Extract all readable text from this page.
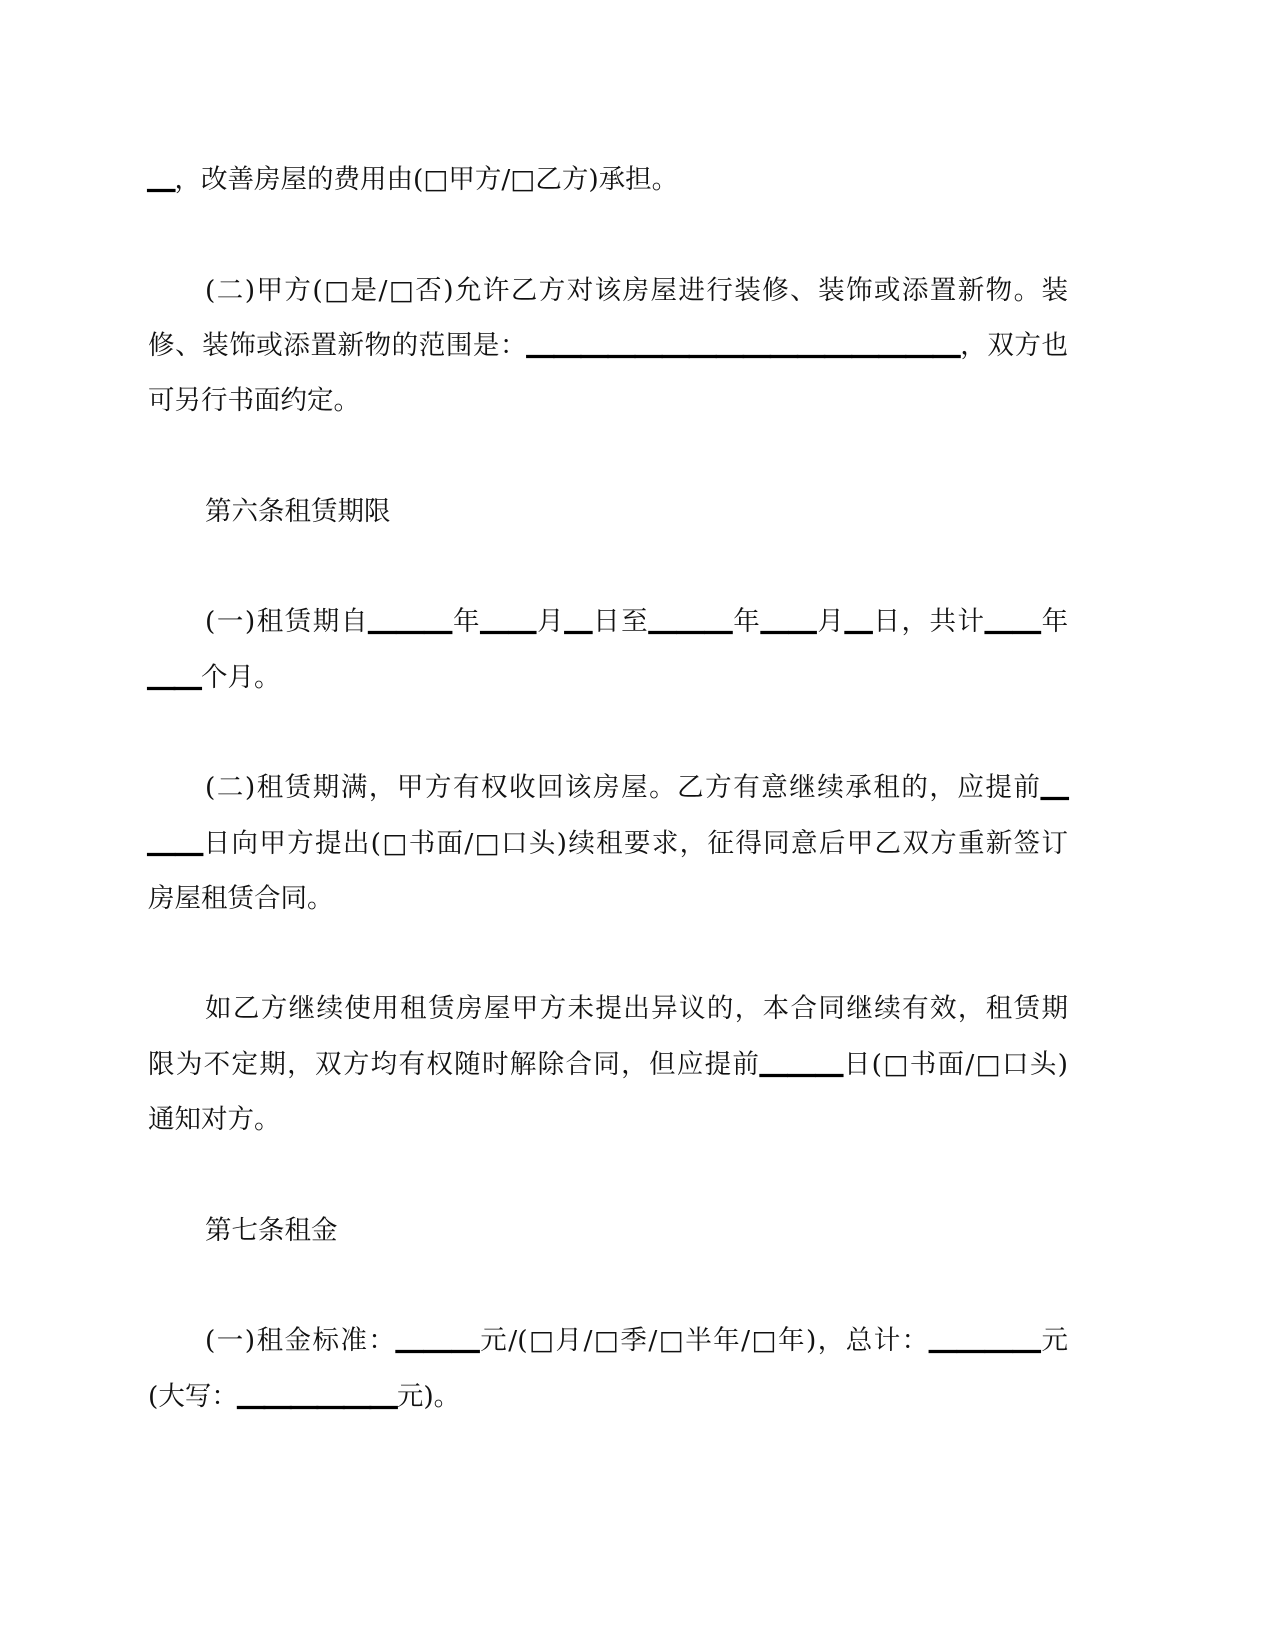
＿，改善房屋的费用由(□甲方/□乙方)承担。
(二)甲方(□是/□否)允许乙方对该房屋进行装修、装饰或添置新物。装
修、装饰或添置新物的范围是：＿＿＿＿＿＿＿＿＿＿＿＿＿＿＿＿，双方也
可另行书面约定。
第六条租赁期限
(一)租赁期自＿＿＿年＿＿月＿日至＿＿＿年＿＿月＿日，共计＿＿年
＿＿个月。
(二)租赁期满，甲方有权收回该房屋。乙方有意继续承租的，应提前＿
＿＿日向甲方提出(□书面/□口头)续租要求，征得同意后甲乙双方重新签订
房屋租赁合同。
如乙方继续使用租赁房屋甲方未提出异议的，本合同继续有效，租赁期
限为不定期，双方均有权随时解除合同，但应提前＿＿＿日(□书面/□口头)
通知对方。
第七条租金
(一)租金标准：＿＿＿元/(□月/□季/□半年/□年)，总计：＿＿＿＿元
(大写：＿＿＿＿＿＿元)。
